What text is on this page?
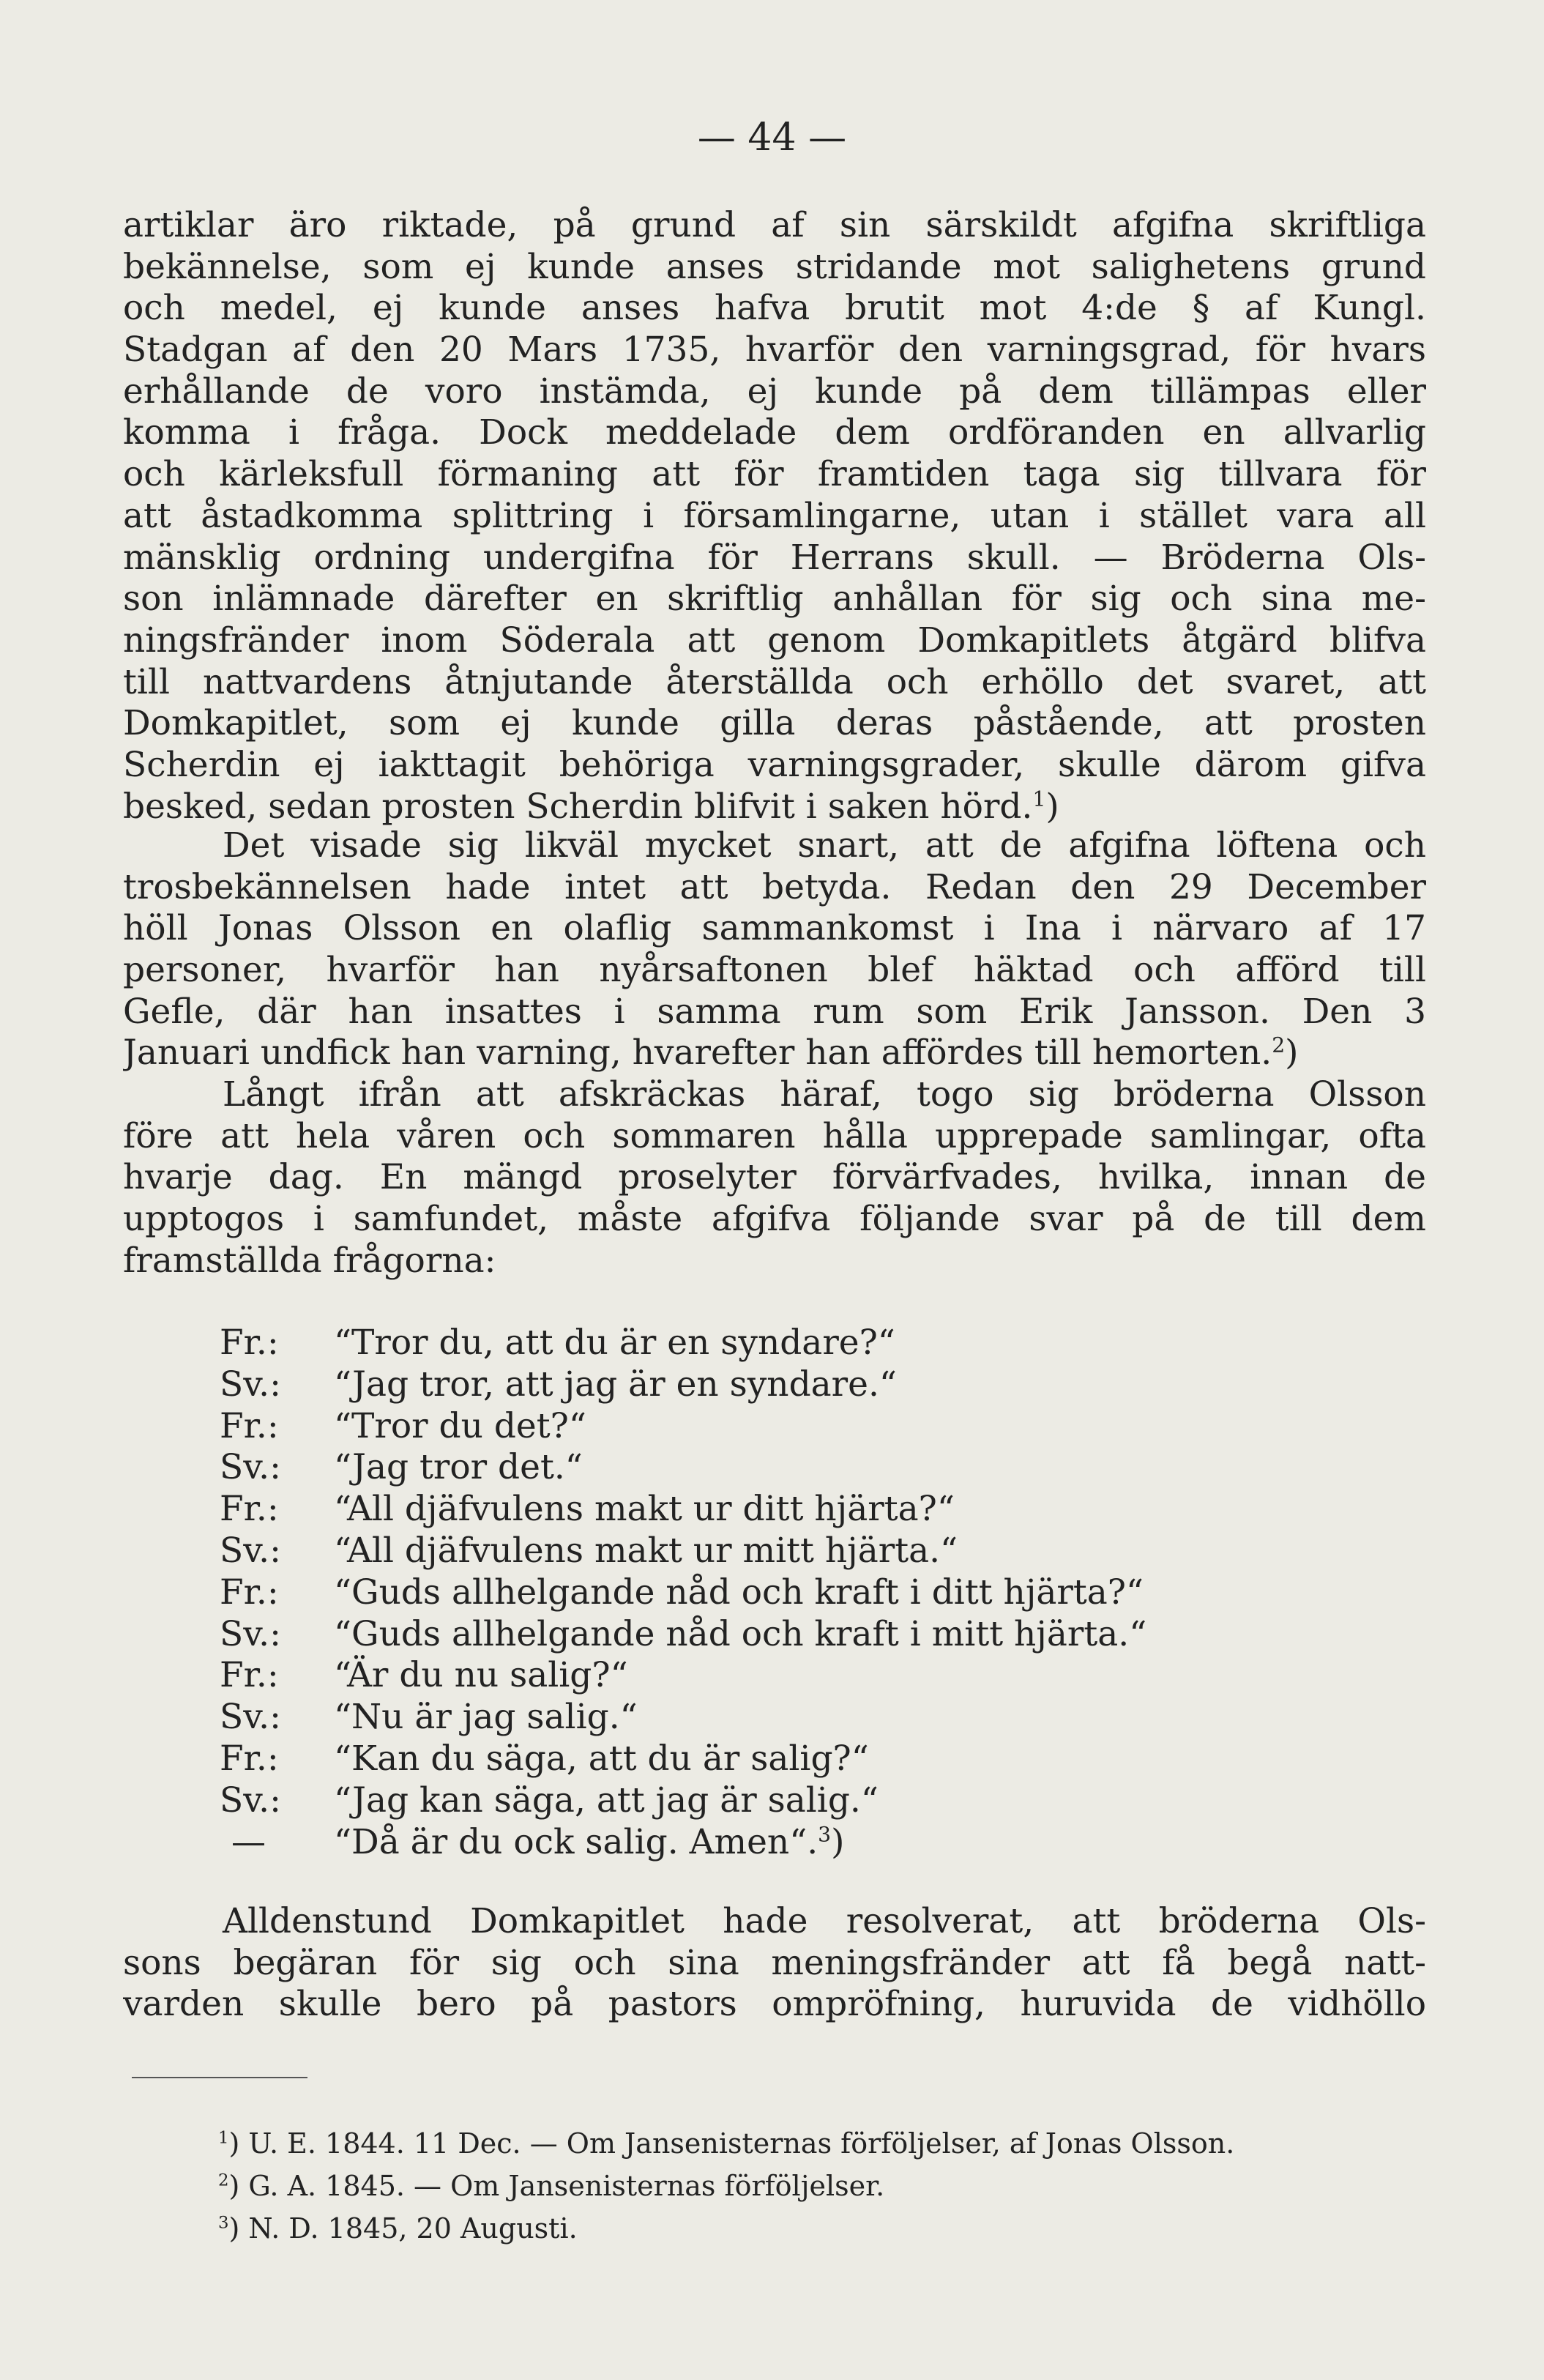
— 44 —
artiklar äro riktade, på grund af sin särskildt afgifna skriftliga
bekännelse, som ej kunde anses stridande mot salighetens grund
och medel, ej kunde anses hafva brutit mot 4:de § af Kungl.
Stadgan af den 20 Mars 1735, hvarför den varningsgrad, för hvars
erhållande de voro instämda, ej kunde på dem tillämpas eller
komma i fråga. Dock meddelade dem ordföranden en allvarlig
och kärleksfull förmaning att för framtiden taga sig tillvara för
att åstadkomma splittring i församlingarne, utan i stället vara all
mänsklig ordning undergifna för Herrans skull. — Bröderna Ols-
son inlämnade därefter en skriftlig anhållan för sig och sina me-
ningsfränder inom Söderala att genom Domkapitlets åtgärd blifva
till nattvardens åtnjutande återställda och erhöllo det svaret, att
Domkapitlet, som ej kunde gilla deras påstående, att prosten
Scherdin ej iakttagit behöriga varningsgrader, skulle därom gifva
besked, sedan prosten Scherdin blifvit i saken hörd.$^1$)
Det visade sig likväl mycket snart, att de afgifna löftena och
trosbekännelsen hade intet att betyda. Redan den 29 December
höll Jonas Olsson en olaflig sammankomst i Ina i närvaro af 17
personer, hvarför han nyårsaftonen blef häktad och afförd till
Gefle, där han insattes i samma rum som Erik Jansson. Den 3
Januari undfick han varning, hvarefter han affördes till hemorten.$^2$)
Långt ifrån att afskräckas häraf, togo sig bröderna Olsson
före att hela våren och sommaren hålla upprepade samlingar, ofta
hvarje dag. En mängd proselyter förvärfvades, hvilka, innan de
upptogos i samfundet, måste afgifva följande svar på de till dem
framställda frågorna:
Fr.:	“Tror du, att du är en syndare?“
Sv.:	“Jag tror, att jag är en syndare.“
Fr.:	“Tror du det?“
Sv.:	“Jag tror det.“
Fr.:	“All djäfvulens makt ur ditt hjärta?“
Sv.:	“All djäfvulens makt ur mitt hjärta.“
Fr.:	“Guds allhelgande nåd och kraft i ditt hjärta?“
Sv.:	“Guds allhelgande nåd och kraft i mitt hjärta.“
Fr.:	“Är du nu salig?“
Sv.:	“Nu är jag salig.“
Fr.:	“Kan du säga, att du är salig?“
Sv.:	“Jag kan säga, att jag är salig.“
—	“Då är du ock salig. Amen“.$^3$)
Alldenstund Domkapitlet hade resolverat, att bröderna Ols-
sons begäran för sig och sina meningsfränder att få begå natt-
varden skulle bero på pastors ompröfning, huruvida de vidhöllo
$^1$) U. E. 1844. 11 Dec. — Om Jansenisternas förföljelser, af Jonas Olsson.
$^2$) G. A. 1845. — Om Jansenisternas förföljelser.
$^3$) N. D. 1845, 20 Augusti.
